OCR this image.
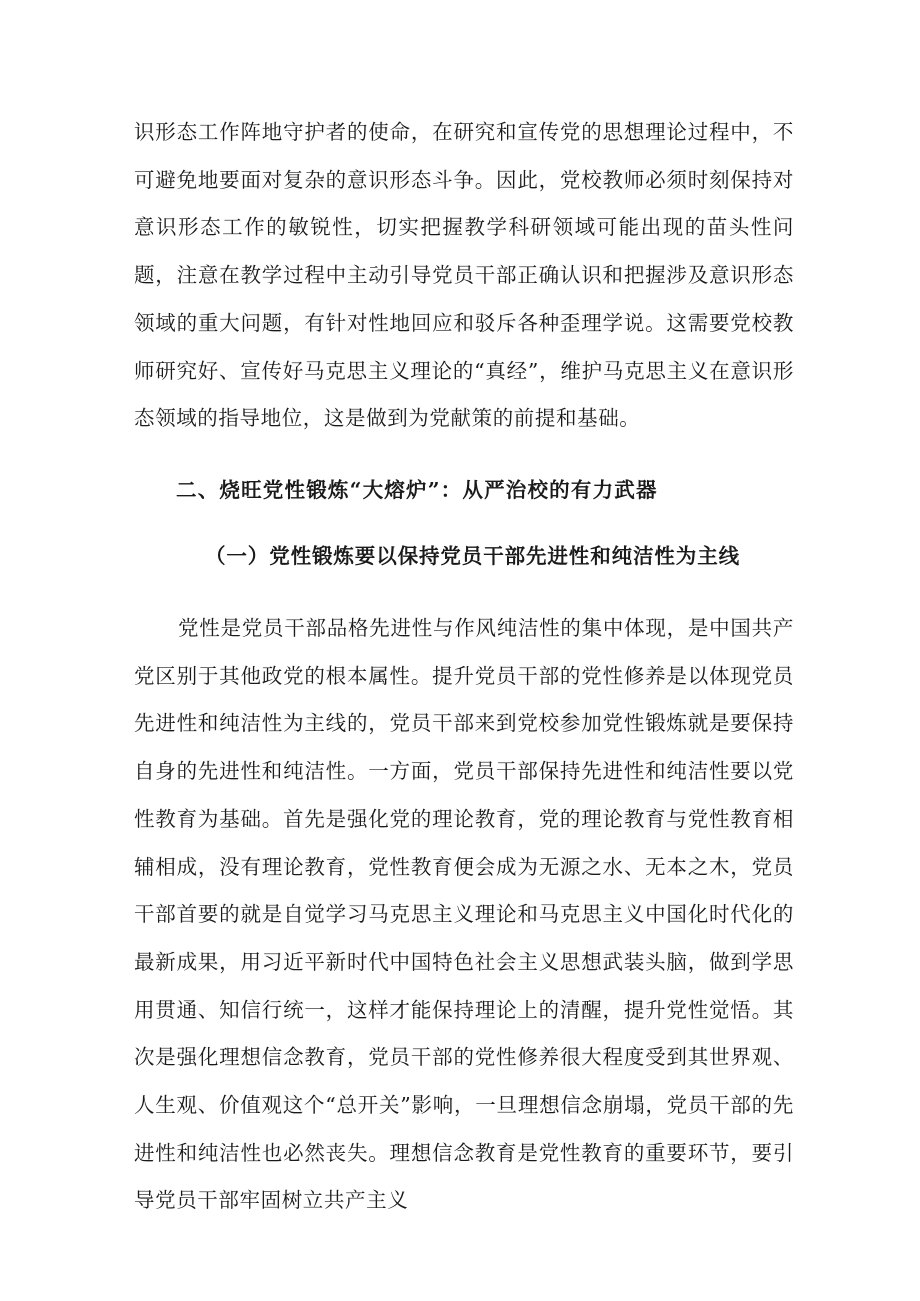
识形态工作阵地守护者的使命，在研究和宣传党的思想理论过程中，不可避免地要面对复杂的意识形态斗争。因此，党校教师必须时刻保持对意识形态工作的敏锐性，切实把握教学科研领域可能出现的苗头性问题，注意在教学过程中主动引导党员干部正确认识和把握涉及意识形态领域的重大问题，有针对性地回应和驳斥各种歪理学说。这需要党校教师研究好、宣传好马克思主义理论的“真经”，维护马克思主义在意识形态领域的指导地位，这是做到为党献策的前提和基础。

二、烧旺党性锻炼“大熔炉”：从严治校的有力武器
（一）党性锻炼要以保持党员干部先进性和纯洁性为主线

党性是党员干部品格先进性与作风纯洁性的集中体现，是中国共产党区别于其他政党的根本属性。提升党员干部的党性修养是以体现党员先进性和纯洁性为主线的，党员干部来到党校参加党性锻炼就是要保持自身的先进性和纯洁性。一方面，党员干部保持先进性和纯洁性要以党性教育为基础。首先是强化党的理论教育，党的理论教育与党性教育相辅相成，没有理论教育，党性教育便会成为无源之水、无本之木，党员干部首要的就是自觉学习马克思主义理论和马克思主义中国化时代化的最新成果，用习近平新时代中国特色社会主义思想武装头脑，做到学思用贯通、知信行统一，这样才能保持理论上的清醒，提升党性觉悟。其次是强化理想信念教育，党员干部的党性修养很大程度受到其世界观、人生观、价值观这个“总开关”影响，一旦理想信念崩塌，党员干部的先进性和纯洁性也必然丧失。理想信念教育是党性教育的重要环节，要引导党员干部牢固树立共产主义
